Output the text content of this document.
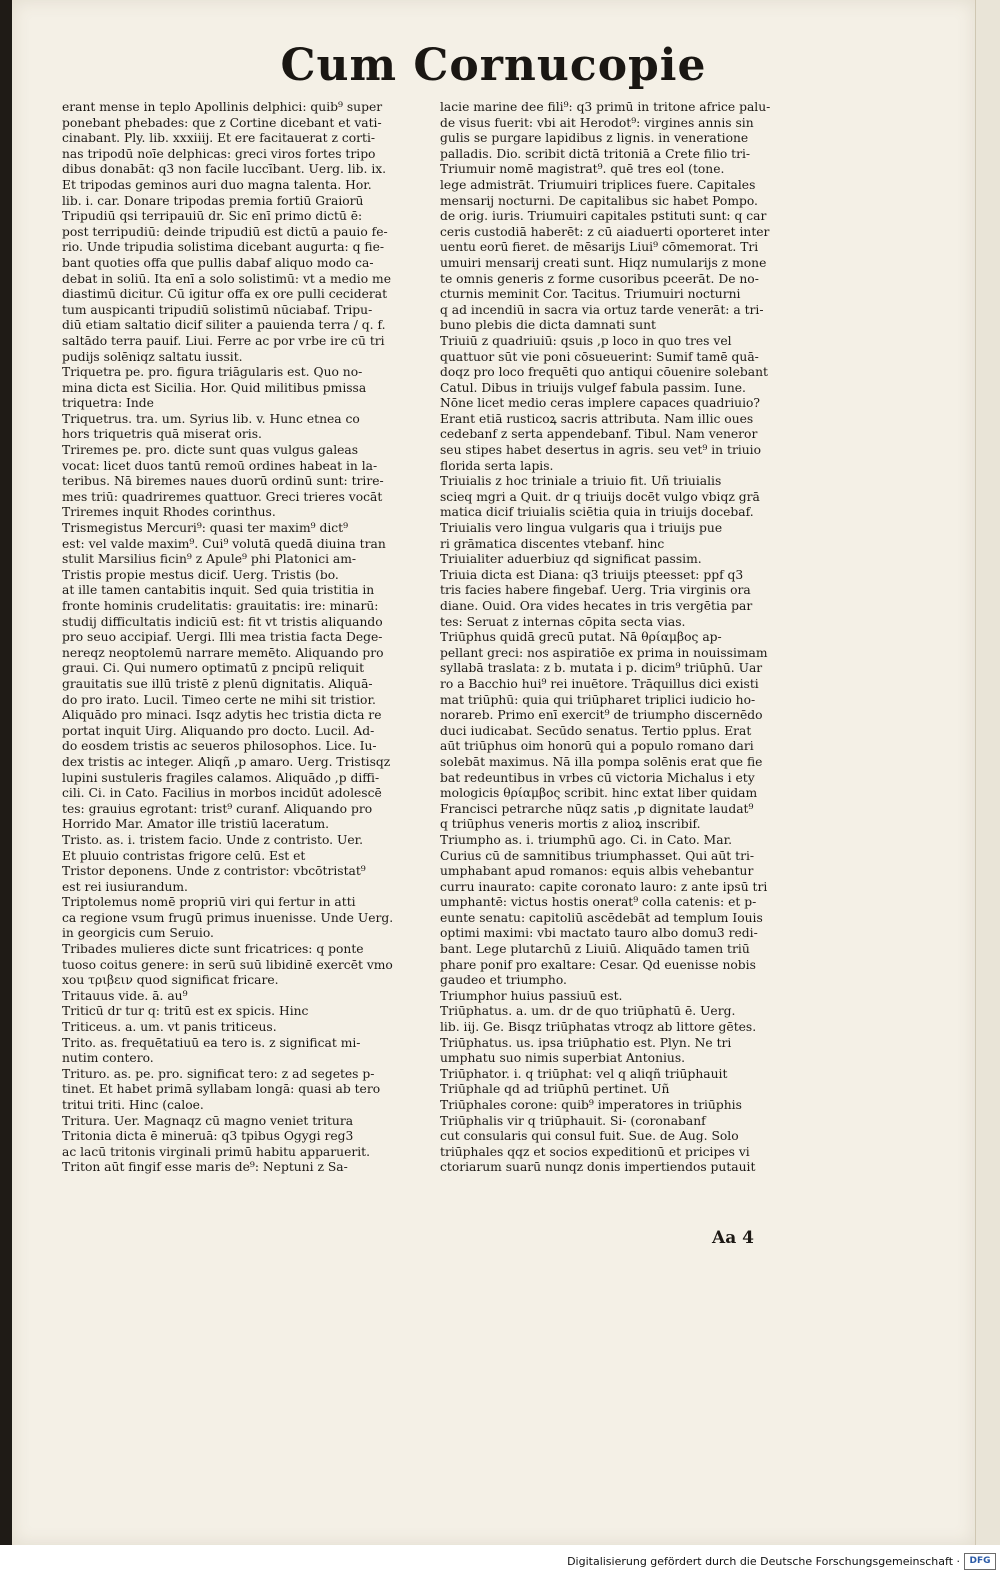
Cum Cornucopie
erant mense in teplo Apollinis delphici: quib⁹ super
ponebant phebades: que z Cortine dicebant et vati-
cinabant. Ply. lib. xxxiiij. Et ere facitauerat z corti-
nas tripodū noīe delphicas: greci viros fortes tripo
dibus donabāt: q3 non facile luccībant. Uerg. lib. ix.
Et tripodas geminos auri duo magna talenta. Hor.
lib. i. car. Donare tripodas premia fortiū Graiorū
Tripudiū qsi terripauiū dr. Sic enī primo dictū ē:
post terripudiū: deinde tripudiū est dictū a pauio fe-
rio. Unde tripudia solistima dicebant augurta: q fie-
bant quoties offa que pullis dabaf aliquo modo ca-
debat in soliū. Ita enī a solo solistimū: vt a medio me
diastimū dicitur. Cū igitur offa ex ore pulli ceciderat
tum auspicanti tripudiū solistimū nūciabaf. Tripu-
diū etiam saltatio dicif siliter a pauienda terra / q. f.
saltādo terra pauif. Liui. Ferre ac por vrbe ire cū tri
pudijs solēniqz saltatu iussit.
Triquetra pe. pro. figura triāgularis est. Quo no-
mina dicta est Sicilia. Hor. Quid militibus pmissa
triquetra: Inde
Triquetrus. tra. um. Syrius lib. v. Hunc etnea co
hors triquetris quā miserat oris.
Triremes pe. pro. dicte sunt quas vulgus galeas
vocat: licet duos tantū remoū ordines habeat in la-
teribus. Nā biremes naues duorū ordinū sunt: trire-
mes triū: quadriremes quattuor. Greci trieres vocāt
Triremes inquit Rhodes corinthus.
Trismegistus Mercuri⁹: quasi ter maxim⁹ dict⁹
est: vel valde maxim⁹. Cui⁹ volutā quedā diuina tran
stulit Marsilius ficin⁹ z Apule⁹ phi Platonici am-
Tristis propie mestus dicif. Uerg. Tristis (bo.
at ille tamen cantabitis inquit. Sed quia tristitia in
fronte hominis crudelitatis: grauitatis: ire: minarū:
studij difficultatis indiciū est: fit vt tristis aliquando
pro seuo accipiaf. Uergi. Illi mea tristia facta Dege-
nereqz neoptolemū narrare memēto. Aliquando pro
graui. Ci. Qui numero optimatū z pncipū reliquit
grauitatis sue illū tristē z plenū dignitatis. Aliquā-
do pro irato. Lucil. Timeo certe ne mihi sit tristior.
Aliquādo pro minaci. Isqz adytis hec tristia dicta re
portat inquit Uirg. Aliquando pro docto. Lucil. Ad-
do eosdem tristis ac seueros philosophos. Lice. Iu-
dex tristis ac integer. Aliqñ ,p amaro. Uerg. Tristisqz
lupini sustuleris fragiles calamos. Aliquādo ,p diffi-
cili. Ci. in Cato. Facilius in morbos incidūt adolescē
tes: grauius egrotant: trist⁹ curanf. Aliquando pro
Horrido Mar. Amator ille tristiū laceratum.
Tristo. as. i. tristem facio. Unde z contristo. Uer.
Et pluuio contristas frigore celū. Est et
Tristor deponens. Unde z contristor: vbcōtristat⁹
est rei iusiurandum.
Triptolemus nomē propriū viri qui fertur in atti
ca regione vsum frugū primus inuenisse. Unde Uerg.
in georgicis cum Seruio.
Tribades mulieres dicte sunt fricatrices: q ponte
tuoso coitus genere: in serū suū libidinē exercēt vmo
xou τριβειν quod significat fricare.
Tritauus vide. ā. au⁹
Triticū dr tur q: tritū est ex spicis. Hinc
Triticeus. a. um. vt panis triticeus.
Trito. as. frequētatiuū ea tero is. z significat mi-
nutim contero.
Trituro. as. pe. pro. significat tero: z ad segetes p-
tinet. Et habet primā syllabam longā: quasi ab tero
tritui triti. Hinc (caloe.
Tritura. Uer. Magnaqz cū magno veniet tritura
Tritonia dicta ē mineruā: q3 tpibus Ogygi reg3
ac lacū tritonis virginali primū habitu apparuerit.
Triton aūt fingif esse maris de⁹: Neptuni z Sa-
lacie marine dee fili⁹: q3 primū in tritone africe palu-
de visus fuerit: vbi ait Herodot⁹: virgines annis sin
gulis se purgare lapidibus z lignis. in veneratione
palladis. Dio. scribit dictā tritoniā a Crete filio tri-
Triumuir nomē magistrat⁹. quē tres eol (tone.
lege admistrāt. Triumuiri triplices fuere. Capitales
mensarij nocturni. De capitalibus sic habet Pompo.
de orig. iuris. Triumuiri capitales pstituti sunt: q car
ceris custodiā haberēt: z cū aiaduerti oporteret inter
uentu eorū fieret. de mēsarijs Liui⁹ cōmemorat. Tri
umuiri mensarij creati sunt. Hiqz numularijs z mone
te omnis generis z forme cusoribus pceerāt. De no-
cturnis meminit Cor. Tacitus. Triumuiri nocturni
q ad incendiū in sacra via ortuz tarde venerāt: a tri-
buno plebis die dicta damnati sunt
Triuiū z quadriuiū: qsuis ,p loco in quo tres vel
quattuor sūt vie poni cōsueuerint: Sumif tamē quā-
doqz pro loco frequēti quo antiqui cōuenire solebant
Catul. Dibus in triuijs vulgef fabula passim. Iune.
Nōne licet medio ceras implere capaces quadriuio?
Erant etiā rusticoꝝ sacris attributa. Nam illic oues
cedebanf z serta appendebanf. Tibul. Nam veneror
seu stipes habet desertus in agris. seu vet⁹ in triuio
florida serta lapis.
Triuialis z hoc triniale a triuio fit. Uñ triuialis
scieq mgri a Quit. dr q triuijs docēt vulgo vbiqz grā
matica dicif triuialis sciētia quia in triuijs docebaf.
Triuialis vero lingua vulgaris qua i triuijs pue
ri grāmatica discentes vtebanf. hinc
Triuialiter aduerbiuz qd significat passim.
Triuia dicta est Diana: q3 triuijs pteesset: ppf q3
tris facies habere fingebaf. Uerg. Tria virginis ora
diane. Ouid. Ora vides hecates in tris vergētia par
tes: Seruat z internas cōpita secta vias.
Triūphus quidā grecū putat. Nā θρίαμβος ap-
pellant greci: nos aspiratiōe ex prima in nouissimam
syllabā traslata: z b. mutata i p. dicim⁹ triūphū. Uar
ro a Bacchio hui⁹ rei inuētore. Trāquillus dici existi
mat triūphū: quia qui triūpharet triplici iudicio ho-
norareb. Primo enī exercit⁹ de triumpho discernēdo
duci iudicabat. Secūdo senatus. Tertio pplus. Erat
aūt triūphus oim honorū qui a populo romano dari
solebāt maximus. Nā illa pompa solēnis erat que fie
bat redeuntibus in vrbes cū victoria Michalus i ety
mologicis θρίαμβος scribit. hinc extat liber quidam
Francisci petrarche nūqz satis ,p dignitate laudat⁹
q triūphus veneris mortis z alioꝝ inscribif.
Triumpho as. i. triumphū ago. Ci. in Cato. Mar.
Curius cū de samnitibus triumphasset. Qui aūt tri-
umphabant apud romanos: equis albis vehebantur
curru inaurato: capite coronato lauro: z ante ipsū tri
umphantē: victus hostis onerat⁹ colla catenis: et p-
eunte senatu: capitoliū ascēdebāt ad templum Iouis
optimi maximi: vbi mactato tauro albo domu3 redi-
bant. Lege plutarchū z Liuiū. Aliquādo tamen triū
phare ponif pro exaltare: Cesar. Qd euenisse nobis
gaudeo et triumpho.
Triumphor huius passiuū est.
Triūphatus. a. um. dr de quo triūphatū ē. Uerg.
lib. iij. Ge. Bisqz triūphatas vtroqz ab littore gētes.
Triūphatus. us. ipsa triūphatio est. Plyn. Ne tri
umphatu suo nimis superbiat Antonius.
Triūphator. i. q triūphat: vel q aliqñ triūphauit
Triūphale qd ad triūphū pertinet. Uñ
Triūphales corone: quib⁹ imperatores in triūphis
Triūphalis vir q triūphauit. Si- (coronabanf
cut consularis qui consul fuit. Sue. de Aug. Solo
triūphales qqz et socios expeditionū et pricipes vi
ctoriarum suarū nunqz donis impertiendos putauit
Aa 4
Digitalisierung gefördert durch die Deutsche Forschungsgemeinschaft ·	DFG
